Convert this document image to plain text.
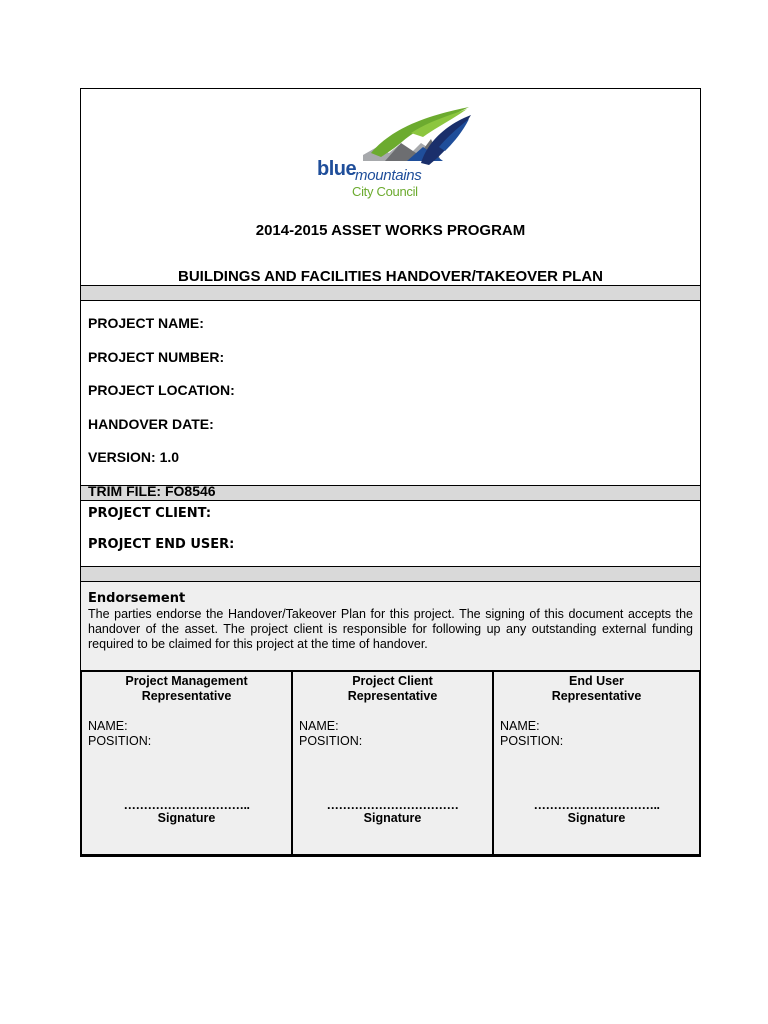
blue
mountains
City Council
2014-2015 ASSET WORKS PROGRAM
BUILDINGS AND FACILITIES HANDOVER/TAKEOVER PLAN
PROJECT NAME:
PROJECT NUMBER:
PROJECT LOCATION:
HANDOVER DATE:
VERSION: 1.0
TRIM FILE: FO8546
PROJECT CLIENT:
PROJECT END USER:
Endorsement
The parties endorse the Handover/Takeover Plan for this project. The signing of this document accepts the handover of the asset. The project client is responsible for following up any outstanding external funding required to be claimed for this project at the time of handover.
Project Management
Representative
NAME:
POSITION:
…………………………..
Signature
Project Client
Representative
NAME:
POSITION:
……………………………
Signature
End User
Representative
NAME:
POSITION:
…………………………..
Signature
